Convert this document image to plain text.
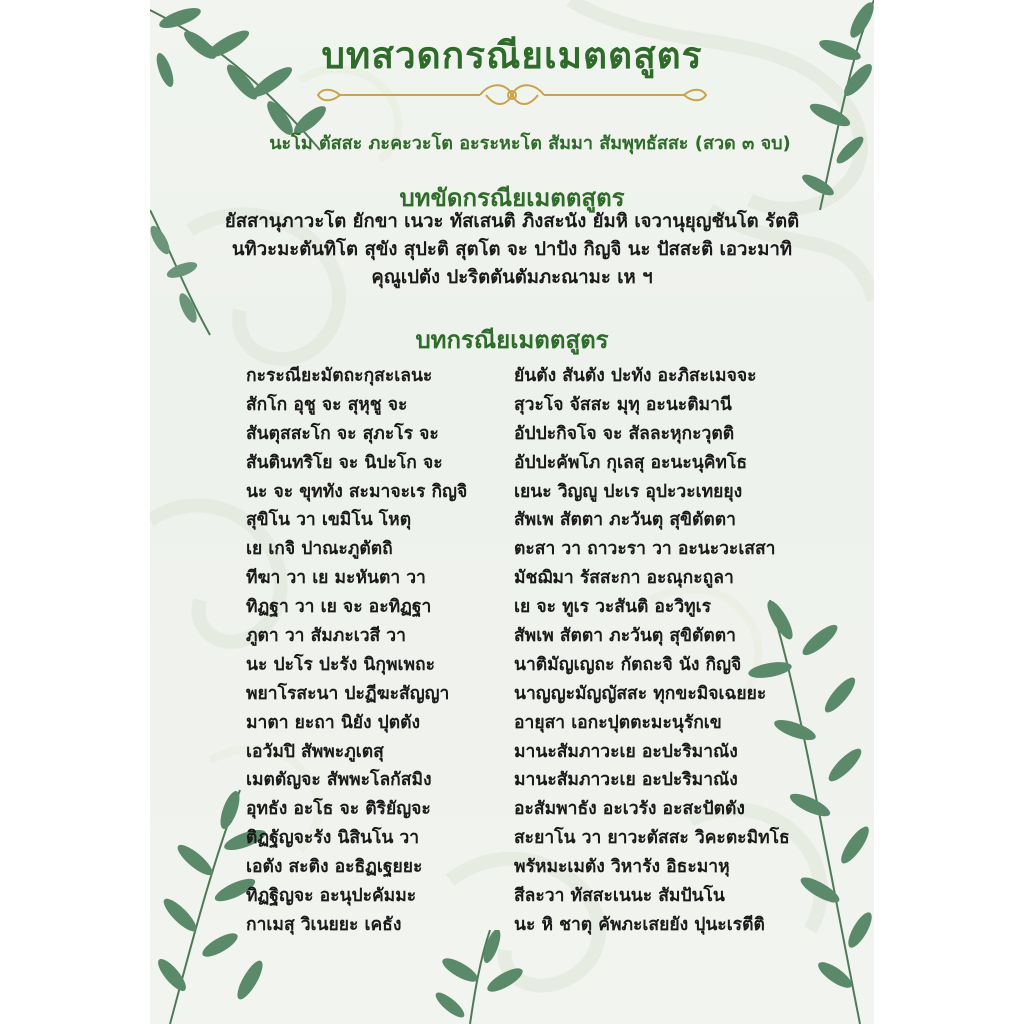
บทสวดกรณียเมตตสูตร
นะโม ตัสสะ ภะคะวะโต อะระหะโต สัมมา สัมพุทธัสสะ (สวด ๓ จบ)
บทขัดกรณียเมตตสูตร
ยัสสานุภาวะโต ยักขา เนวะ ทัสเสนติ ภิงสะนัง ยัมหิ เจวานุยุญชันโต รัตติ
นทิวะมะตันทิโต สุขัง สุปะติ สุตโต จะ ปาปัง กิญจิ นะ ปัสสะติ เอวะมาทิ
คุณูเปตัง ปะริตตันตัมภะณามะ เห ฯ
บทกรณียเมตตสูตร
กะระณียะมัตถะกุสะเลนะ
สักโก อุชู จะ สุหุชู จะ
สันตุสสะโก จะ สุภะโร จะ
สันตินทริโย จะ นิปะโก จะ
นะ จะ ขุททัง สะมาจะเร กิญจิ
สุขิโน วา เขมิโน โหตุ
เย เกจิ ปาณะภูตัตถิ
ทีฆา วา เย มะหันตา วา
ทิฏฐา วา เย จะ อะทิฏฐา
ภูตา วา สัมภะเวสี วา
นะ ปะโร ปะรัง นิกุพเพถะ
พยาโรสะนา ปะฏีฆะสัญญา
มาตา ยะถา นิยัง ปุตตัง
เอวัมปิ สัพพะภูเตสุ
เมตตัญจะ สัพพะโลกัสมิง
อุทธัง อะโธ จะ ติริยัญจะ
ติฏฐัญจะรัง นิสินโน วา
เอตัง สะติง อะธิฏเฐยยะ
ทิฏฐิญจะ อะนุปะคัมมะ
กาเมสุ วิเนยยะ เคธัง
ยันตัง สันตัง ปะทัง อะภิสะเมจจะ
สุวะโจ จัสสะ มุทุ อะนะติมานี
อัปปะกิจโจ จะ สัลละหุกะวุตติ
อัปปะคัพโภ กุเลสุ อะนะนุคิทโธ
เยนะ วิญญู ปะเร อุปะวะเทยยุง
สัพเพ สัตตา ภะวันตุ สุขิตัตตา
ตะสา วา ถาวะรา วา อะนะวะเสสา
มัชฌิมา รัสสะกา อะณุกะถูลา
เย จะ ทูเร วะสันติ อะวิทูเร
สัพเพ สัตตา ภะวันตุ สุขิตัตตา
นาติมัญเญถะ กัตถะจิ นัง กิญจิ
นาญญะมัญญัสสะ ทุกขะมิจเฉยยะ
อายุสา เอกะปุตตะมะนุรักเข
มานะสัมภาวะเย อะปะริมาณัง
มานะสัมภาวะเย อะปะริมาณัง
อะสัมพาธัง อะเวรัง อะสะปัตตัง
สะยาโน วา ยาวะตัสสะ วิคะตะมิทโธ
พรัหมะเมตัง วิหารัง อิธะมาหุ
สีละวา ทัสสะเนนะ สัมปันโน
นะ หิ ชาตุ คัพภะเสยยัง ปุนะเรตีติ
